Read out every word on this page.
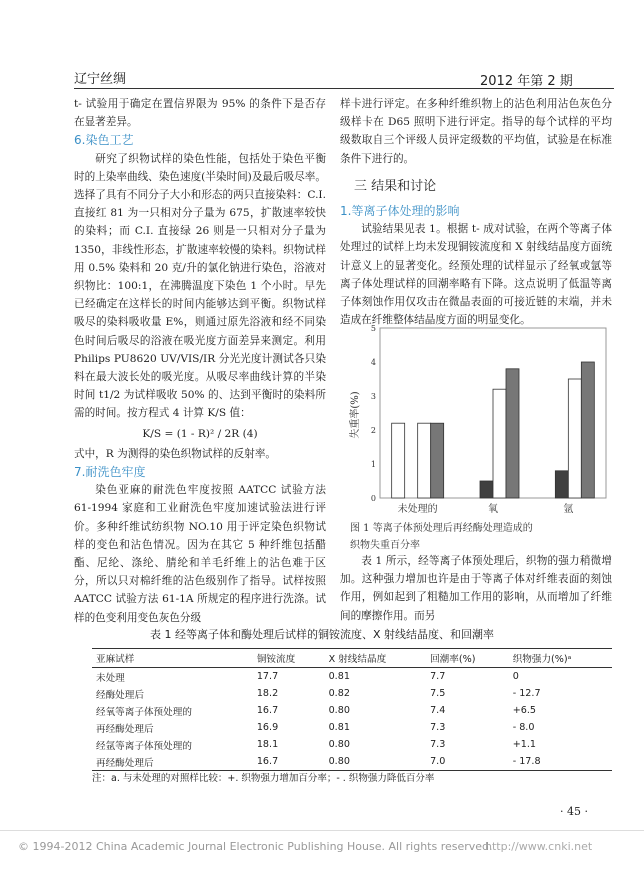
辽宁丝绸	2012 年第 2 期

t- 试验用于确定在置信界限为 95% 的条件下是否存在显著差异。

6.染色工艺

研究了织物试样的染色性能，包括处于染色平衡时的上染率曲线、染色速度(半染时间)及最后吸尽率。选择了具有不同分子大小和形态的两只直接染料：C.I. 直接红 81 为一只相对分子量为 675，扩散速率较快的染料；而 C.I. 直接绿 26 则是一只相对分子量为 1350，非线性形态，扩散速率较慢的染料。织物试样用 0.5% 染料和 20 克/升的氯化钠进行染色，浴液对织物比：100:1，在沸腾温度下染色 1 个小时。早先已经确定在这样长的时间内能够达到平衡。织物试样吸尽的染料吸收量 E%，则通过原先浴液和经不同染色时间后吸尽的浴液在吸光度方面差异来测定。利用 Philips PU8620 UV/VIS/IR 分光光度计测试各只染料在最大波长处的吸光度。从吸尽率曲线计算的半染时间 t1/2 为试样吸收 50% 的、达到平衡时的染料所需的时间。按方程式 4 计算 K/S 值：

K/S = (1 - R)² / 2R (4)

式中，R 为测得的染色织物试样的反射率。

7.耐洗色牢度

染色亚麻的耐洗色牢度按照 AATCC 试验方法 61-1994 家庭和工业耐洗色牢度加速试验法进行评价。多种纤维试纺织物 NO.10 用于评定染色织物试样的变色和沾色情况。因为在其它 5 种纤维包括醋酯、尼纶、涤纶、腈纶和羊毛纤维上的沾色难于区分，所以只对棉纤维的沾色级别作了指导。试样按照 AATCC 试验方法 61-1A 所规定的程序进行洗涤。试样的色变利用变色灰色分级

样卡进行评定。在多种纤维织物上的沾色利用沾色灰色分级样卡在 D65 照明下进行评定。指导的每个试样的平均级数取自三个评级人员评定级数的平均值，试验是在标准条件下进行的。

三 结果和讨论

1.等离子体处理的影响

试验结果见表 1。根据 t- 成对试验，在两个等离子体处理过的试样上均未发现铜铵流度和 X 射线结晶度方面统计意义上的显著变化。经预处理的试样显示了经氧或氩等离子体处理试样的回潮率略有下降。这点说明了低温等离子体刻蚀作用仅攻击在微晶表面的可接近链的末端，并未造成在纤维整体结晶度方面的明显变化。

0
1
2
3
4
5
失重率(%)
未处理的	氧	氩
图 1 等离子体预处理后再经酶处理造成的
织物失重百分率

表 1 所示，经等离子体预处理后，织物的强力稍微增加。这种强力增加也许是由于等离子体对纤维表面的刻蚀作用，例如起到了粗糙加工作用的影响，从而增加了纤维间的摩擦作用。而另

表 1 经等离子体和酶处理后试样的铜铵流度、X 射线结晶度、和回潮率
亚麻试样	铜铵流度	X 射线结晶度	回潮率(%)	织物强力(%)ᵃ
未处理	17.7	0.81	7.7	0
经酶处理后	18.2	0.82	7.5	- 12.7
经氧等离子体预处理的	16.7	0.80	7.4	+6.5
再经酶处理后	16.9	0.81	7.3	- 8.0
经氩等离子体预处理的	18.1	0.80	7.3	+1.1
再经酶处理后	16.7	0.80	7.0	- 17.8
注：a. 与未处理的对照样比较：+. 织物强力增加百分率；- . 织物强力降低百分率
· 45 ·
© 1994-2012 China Academic Journal Electronic Publishing House. All rights reserved.
http://www.cnki.net
